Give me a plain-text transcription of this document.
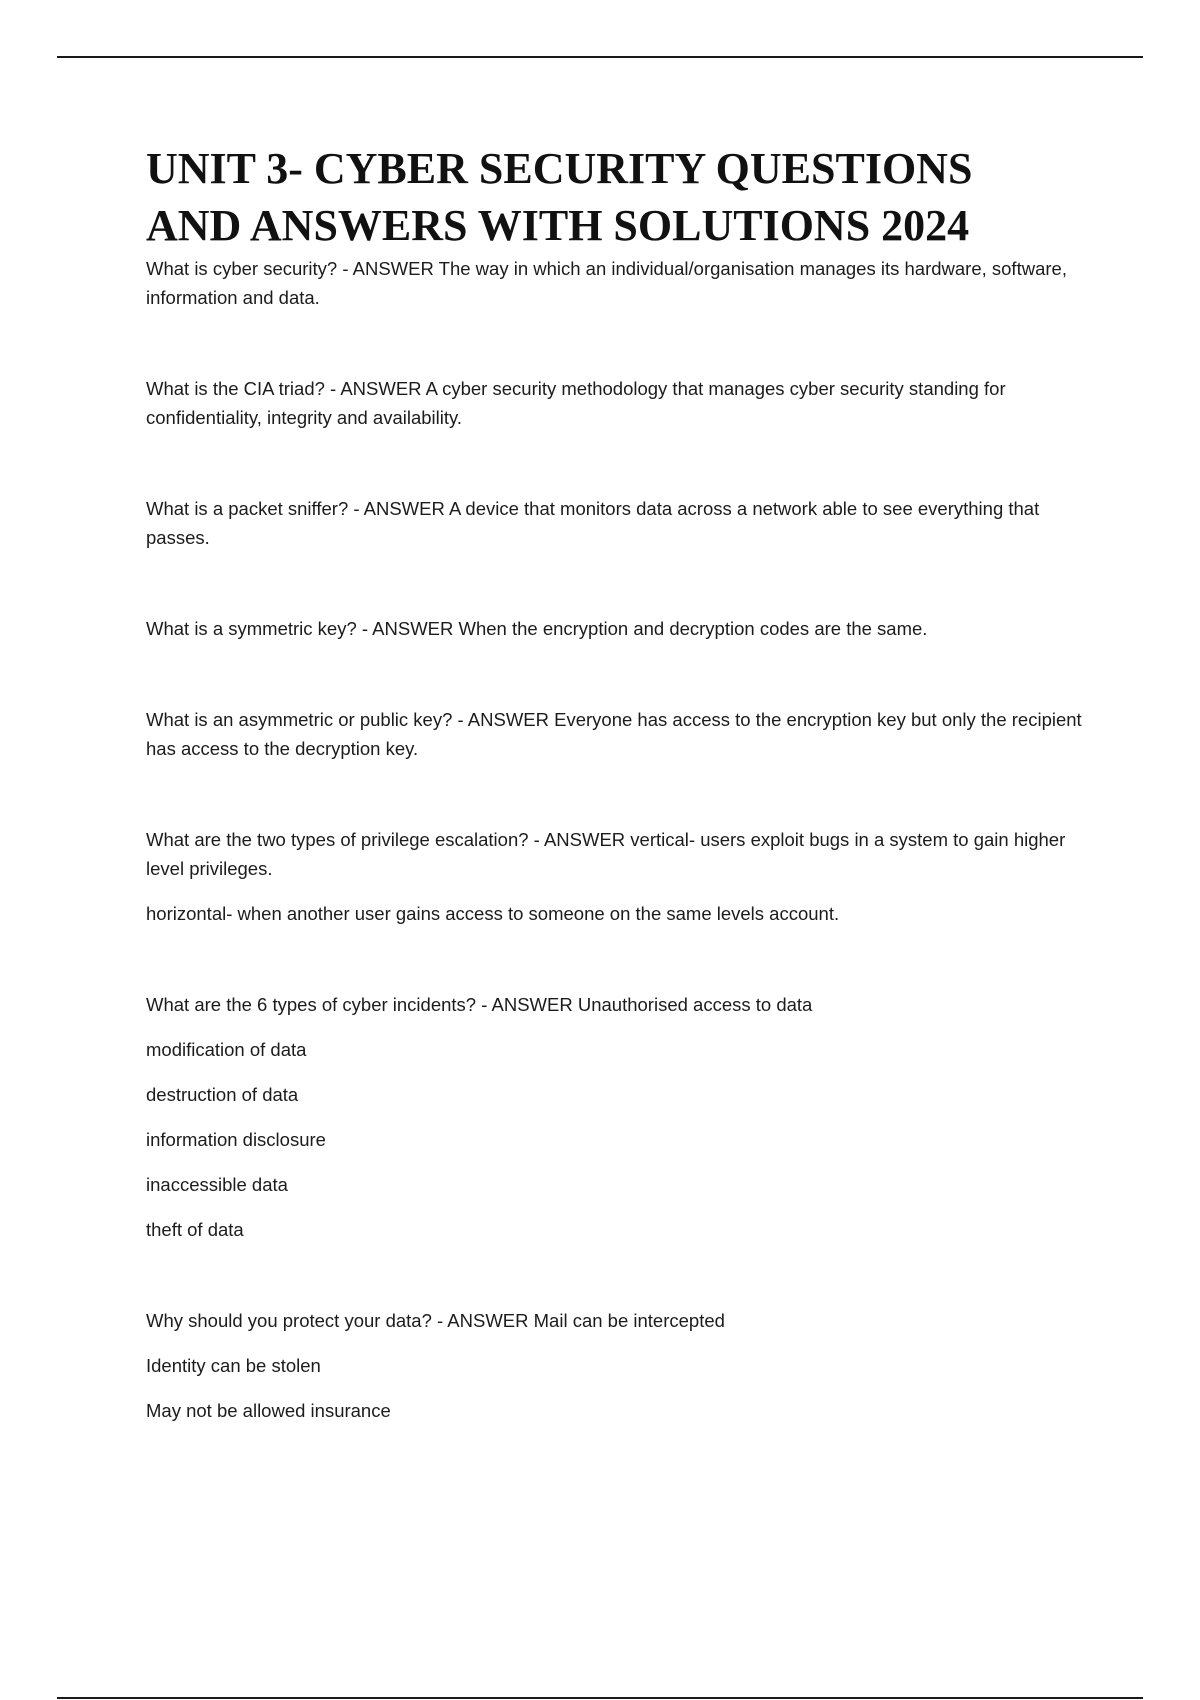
UNIT 3- CYBER SECURITY QUESTIONS
AND ANSWERS WITH SOLUTIONS 2024

What is cyber security? - ANSWER The way in which an individual/organisation manages its hardware, software, information and data.

What is the CIA triad? - ANSWER A cyber security methodology that manages cyber security standing for confidentiality, integrity and availability.

What is a packet sniffer? - ANSWER A device that monitors data across a network able to see everything that passes.

What is a symmetric key? - ANSWER When the encryption and decryption codes are the same.

What is an asymmetric or public key? - ANSWER Everyone has access to the encryption key but only the recipient has access to the decryption key.

What are the two types of privilege escalation? - ANSWER vertical- users exploit bugs in a system to gain higher level privileges.

horizontal- when another user gains access to someone on the same levels account.

What are the 6 types of cyber incidents? - ANSWER Unauthorised access to data

modification of data

destruction of data

information disclosure

inaccessible data

theft of data

Why should you protect your data? - ANSWER Mail can be intercepted

Identity can be stolen

May not be allowed insurance
